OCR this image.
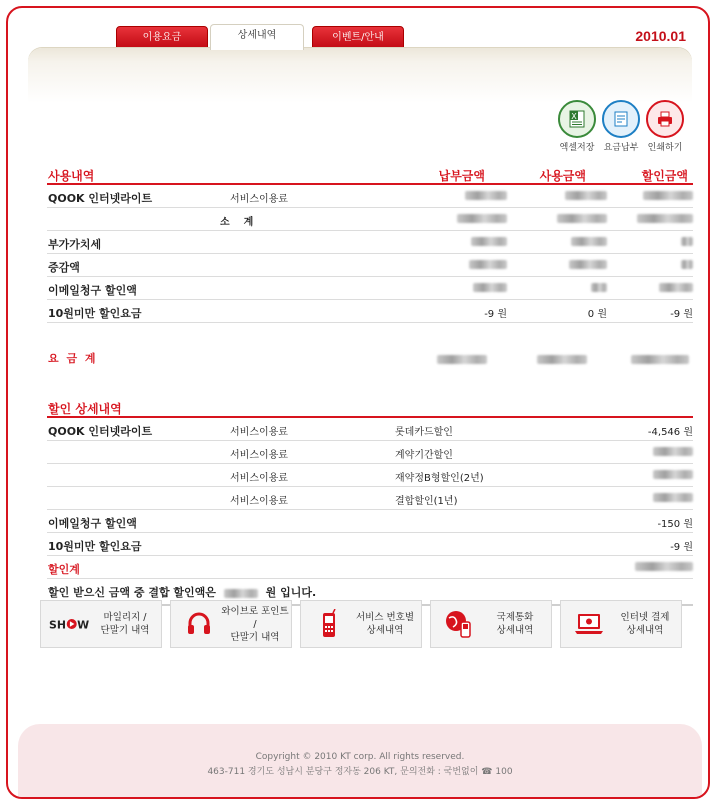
이용요금	상세내역	이벤트/안내	2010.01
X
엑셀저장	요금납부	인쇄하기
사용내역	납부금액	사용금액	할인금액
QOOK 인터넷라이트	서비스이용료
소    계
부가가치세
증감액
이메일청구 할인액
10원미만 할인요금	-9 원	0 원	-9 원
요 금 계
할인 상세내역
QOOK 인터넷라이트	서비스이용료	롯데카드할인	-4,546 원
서비스이용료	계약기간할인
서비스이용료	재약정B형할인(2년)
서비스이용료	결합할인(1년)
이메일청구 할인액	-150 원
10원미만 할인요금	-9 원
할인계
할인 받으신 금액 중 결합 할인액은	원 입니다.
SH W
마일리지 /
단말기 내역
와이브로 포인트 /
단말기 내역
서비스 번호별
상세내역
국제통화
상세내역
인터넷 결제
상세내역
Copyright © 2010 KT corp. All rights reserved.
463-711 경기도 성남시 분당구 정자동 206 KT, 문의전화 : 국번없이 ☎ 100
